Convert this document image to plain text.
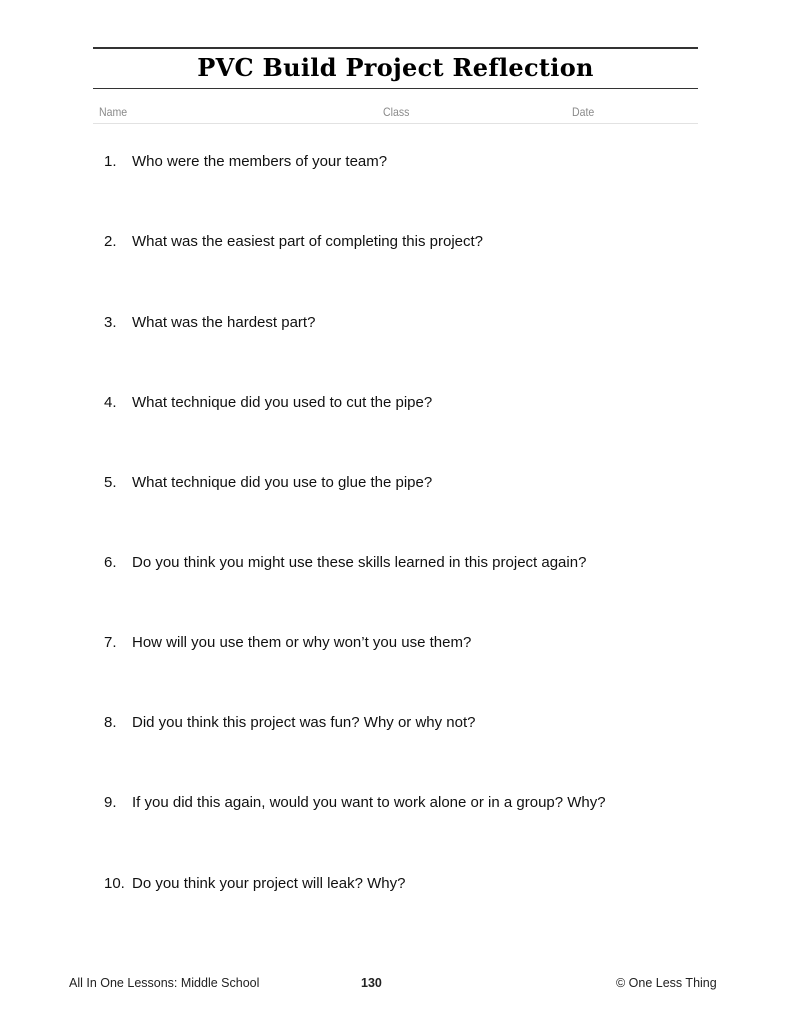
PVC Build Project Reflection
Name	Class	Date
1. Who were the members of your team?
2. What was the easiest part of completing this project?
3. What was the hardest part?
4. What technique did you used to cut the pipe?
5. What technique did you use to glue the pipe?
6. Do you think you might use these skills learned in this project again?
7. How will you use them or why won’t you use them?
8. Did you think this project was fun? Why or why not?
9. If you did this again, would you want to work alone or in a group? Why?
10. Do you think your project will leak? Why?
All In One Lessons: Middle School	130	© One Less Thing
